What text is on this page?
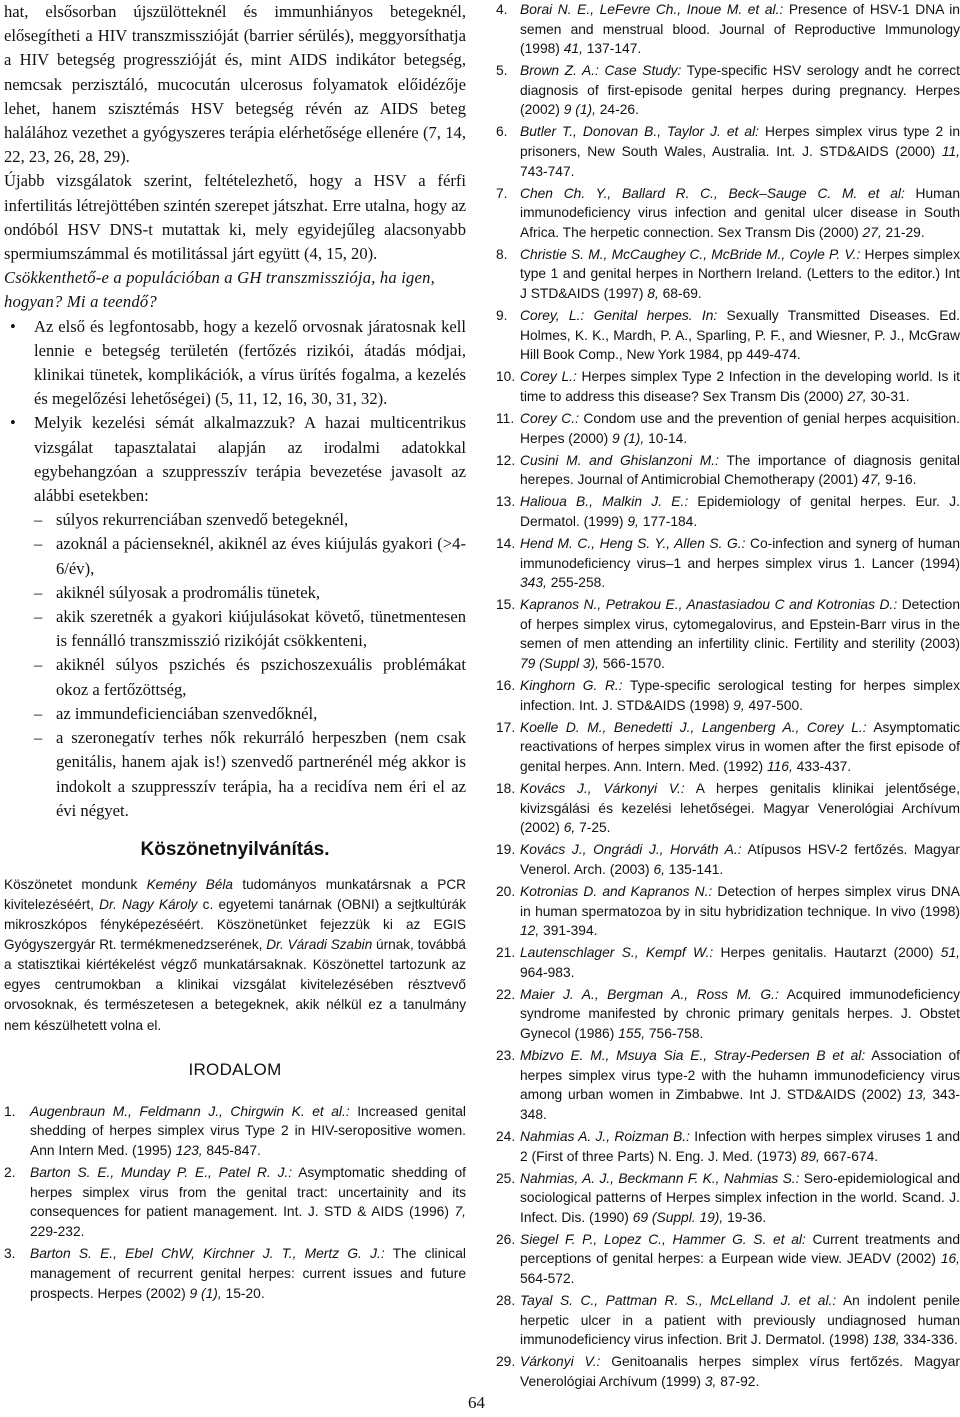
hat, elsősorban újszülötteknél és immunhiányos betegeknél, elősegítheti a HIV transzmisszióját (barrier sérülés), meggyorsíthatja a HIV betegség progresszióját és, mint AIDS indikátor betegség, nemcsak perzisztáló, mucocután ulcerosus folyamatok előidézője lehet, hanem szisztémás HSV betegség révén az AIDS beteg halálához vezethet a gyógyszeres terápia elérhetősége ellenére (7, 14, 22, 23, 26, 28, 29).

Újabb vizsgálatok szerint, feltételezhető, hogy a HSV a férfi infertilitás létrejöttében szintén szerepet játszhat. Erre utalna, hogy az ondóból HSV DNS-t mutattak ki, mely egyidejűleg alacsonyabb spermiumszámmal és motilitással járt együtt (4, 15, 20).

Csökkenthető-e a populációban a GH transzmissziója, ha igen, hogyan? Mi a teendő?

• Az első és legfontosabb, hogy a kezelő orvosnak járatosnak kell lennie e betegség területén (fertőzés rizikói, átadás módjai, klinikai tünetek, komplikációk, a vírus ürítés fogalma, a kezelés és megelőzési lehetőségei) (5, 11, 12, 16, 30, 31, 32).
• Melyik kezelési sémát alkalmazzuk? A hazai multicentrikus vizsgálat tapasztalatai alapján az irodalmi adatokkal egybehangzóan a szuppresszív terápia bevezetése javasolt az alábbi esetekben:
– súlyos rekurrenciában szenvedő betegeknél,
– azoknál a pácienseknél, akiknél az éves kiújulás gyakori (>4-6/év),
– akiknél súlyosak a prodromális tünetek,
– akik szeretnék a gyakori kiújulásokat követő, tünetmentesen is fennálló transzmisszió rizikóját csökkenteni,
– akiknél súlyos pszichés és pszichoszexuális problémákat okoz a fertőzöttség,
– az immundeficienciában szenvedőknél,
– a szeronegatív terhes nők rekurráló herpeszben (nem csak genitális, hanem ajak is!) szenvedő partnerénél még akkor is indokolt a szuppresszív terápia, ha a recidíva nem éri el az évi négyet.
Köszönetnyilvánítás.

Köszönetet mondunk Kemény Béla tudományos munkatársnak a PCR kivitelezéséért, Dr. Nagy Károly c. egyetemi tanárnak (OBNI) a sejtkultúrák mikroszkópos fényképezéséért. Köszönetünket fejezzük ki az EGIS Gyógyszergyár Rt. termékmenedzserének, Dr. Váradi Szabin úrnak, továbbá a statisztikai kiértékelést végző munkatársaknak. Köszönettel tartozunk az egyes centrumokban a klinikai vizsgálat kivitelezésében résztvevő orvosoknak, és természetesen a betegeknek, akik nélkül ez a tanulmány nem készülhetett volna el.

IRODALOM
1. Augenbraun M., Feldmann J., Chirgwin K. et al.: Increased genital shedding of herpes simplex virus Type 2 in HIV-seropositive women. Ann Intern Med. (1995) 123, 845-847.
2. Barton S. E., Munday P. E., Patel R. J.: Asymptomatic shedding of herpes simplex virus from the genital tract: uncertainity and its consequences for patient management. Int. J. STD & AIDS (1996) 7, 229-232.
3. Barton S. E., Ebel ChW, Kirchner J. T., Mertz G. J.: The clinical management of recurrent genital herpes: current issues and future prospects. Herpes (2002) 9 (1), 15-20.
4. Borai N. E., LeFevre Ch., Inoue M. et al.: Presence of HSV-1 DNA in semen and menstrual blood. Journal of Reproductive Immunology (1998) 41, 137-147.
5. Brown Z. A.: Case Study: Type-specific HSV serology andt he correct diagnosis of first-episode genital herpes during pregnancy. Herpes (2002) 9 (1), 24-26.
6. Butler T., Donovan B., Taylor J. et al: Herpes simplex virus type 2 in prisoners, New South Wales, Australia. Int. J. STD&AIDS (2000) 11, 743-747.
7. Chen Ch. Y., Ballard R. C., Beck–Sauge C. M. et al: Human immunodeficiency virus infection and genital ulcer disease in South Africa. The herpetic connection. Sex Transm Dis (2000) 27, 21-29.
8. Christie S. M., McCaughey C., McBride M., Coyle P. V.: Herpes simplex type 1 and genital herpes in Northern Ireland. (Letters to the editor.) Int J STD&AIDS (1997) 8, 68-69.
9. Corey, L.: Genital herpes. In: Sexually Transmitted Diseases. Ed. Holmes, K. K., Mardh, P. A., Sparling, P. F., and Wiesner, P. J., McGraw Hill Book Comp., New York 1984, pp 449-474.
10. Corey L.: Herpes simplex Type 2 Infection in the developing world. Is it time to address this disease? Sex Transm Dis (2000) 27, 30-31.
11. Corey C.: Condom use and the prevention of genial herpes acquisition. Herpes (2000) 9 (1), 10-14.
12. Cusini M. and Ghislanzoni M.: The importance of diagnosis genital herepes. Journal of Antimicrobial Chemotherapy (2001) 47, 9-16.
13. Halioua B., Malkin J. E.: Epidemiology of genital herpes. Eur. J. Dermatol. (1999) 9, 177-184.
14. Hend M. C., Heng S. Y., Allen S. G.: Co-infection and synerg of human immunodeficiency virus–1 and herpes simplex virus 1. Lancer (1994) 343, 255-258.
15. Kapranos N., Petrakou E., Anastasiadou C and Kotronias D.: Detection of herpes simplex virus, cytomegalovirus, and Epstein-Barr virus in the semen of men attending an infertility clinic. Fertility and sterility (2003) 79 (Suppl 3), 566-1570.
16. Kinghorn G. R.: Type-specific serological testing for herpes simplex infection. Int. J. STD&AIDS (1998) 9, 497-500.
17. Koelle D. M., Benedetti J., Langenberg A., Corey L.: Asymptomatic reactivations of herpes simplex virus in women after the first episode of genital herpes. Ann. Intern. Med. (1992) 116, 433-437.
18. Kovács J., Várkonyi V.: A herpes genitalis klinikai jelentősége, kivizsgálási és kezelési lehetőségei. Magyar Venerológiai Archívum (2002) 6, 7-25.
19. Kovács J., Ongrádi J., Horváth A.: Atípusos HSV-2 fertőzés. Magyar Venerol. Arch. (2003) 6, 135-141.
20. Kotronias D. and Kapranos N.: Detection of herpes simplex virus DNA in human spermatozoa by in situ hybridization technique. In vivo (1998) 12, 391-394.
21. Lautenschlager S., Kempf W.: Herpes genitalis. Hautarzt (2000) 51, 964-983.
22. Maier J. A., Bergman A., Ross M. G.: Acquired immunodeficiency syndrome manifested by chronic primary genitals herpes. J. Obstet Gynecol (1986) 155, 756-758.
23. Mbizvo E. M., Msuya Sia E., Stray-Pedersen B et al: Association of herpes simplex virus type-2 with the huhamn immunodeficiency virus among urban women in Zimbabwe. Int J. STD&AIDS (2002) 13, 343-348.
24. Nahmias A. J., Roizman B.: Infection with herpes simplex viruses 1 and 2 (First of three Parts) N. Eng. J. Med. (1973) 89, 667-674.
25. Nahmias, A. J., Beckmann F. K., Nahmias S.: Sero-epidemiological and sociological patterns of Herpes simplex infection in the world. Scand. J. Infect. Dis. (1990) 69 (Suppl. 19), 19-36.
26. Siegel F. P., Lopez C., Hammer G. S. et al: Current treatments and perceptions of genital herpes: a Eurpean wide view. JEADV (2002) 16, 564-572.
28. Tayal S. C., Pattman R. S., McLelland J. et al.: An indolent penile herpetic ulcer in a patient with previously undiagnosed human immunodeficiency virus infection. Brit J. Dermatol. (1998) 138, 334-336.
29. Várkonyi V.: Genitoanalis herpes simplex vírus fertőzés. Magyar Venerológiai Archívum (1999) 3, 87-92.
64
